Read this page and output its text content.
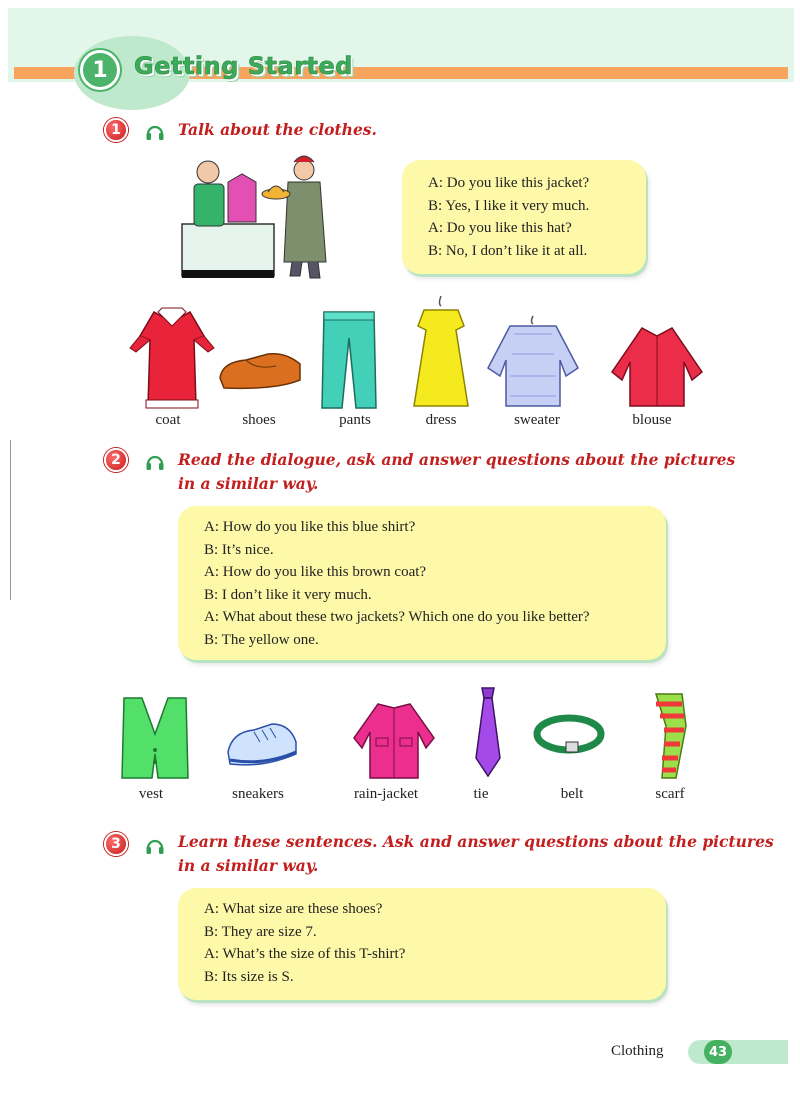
1	Getting Started
1	Talk about the clothes.
A: Do you like this jacket?
B: Yes, I like it very much.
A: Do you like this hat?
B: No, I don’t like it at all.
coat	shoes	pants	dress	sweater	blouse
2	Read the dialogue, ask and answer questions about the pictures
in a similar way.
A: How do you like this blue shirt?
B: It’s nice.
A: How do you like this brown coat?
B: I don’t like it very much.
A: What about these two jackets? Which one do you like better?
B: The yellow one.
vest	sneakers	rain-jacket	tie	belt	scarf
3	Learn these sentences. Ask and answer questions about the pictures
in a similar way.
A: What size are these shoes?
B: They are size 7.
A: What’s the size of this T-shirt?
B: Its size is S.
Clothing	43
